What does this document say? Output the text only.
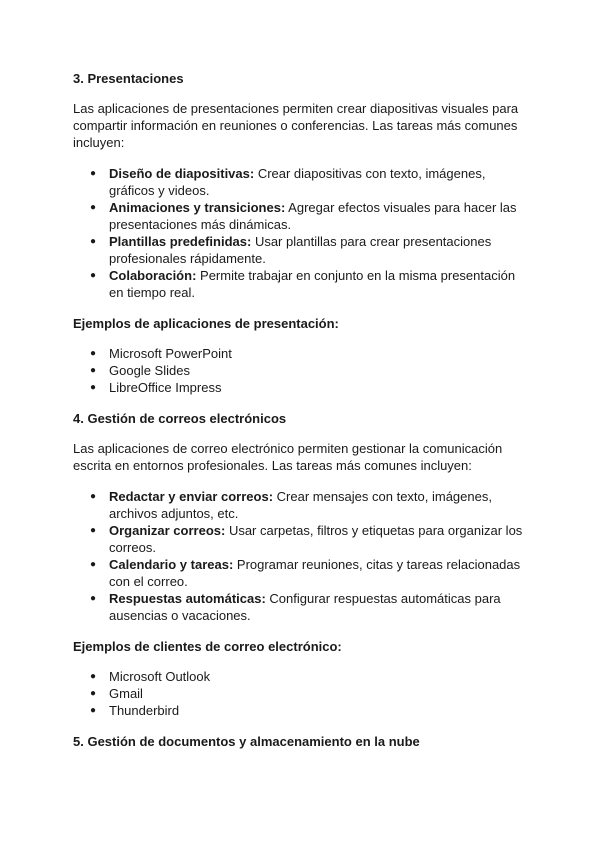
3. Presentaciones

Las aplicaciones de presentaciones permiten crear diapositivas visuales para compartir información en reuniones o conferencias. Las tareas más comunes incluyen:

● Diseño de diapositivas: Crear diapositivas con texto, imágenes, gráficos y videos.
● Animaciones y transiciones: Agregar efectos visuales para hacer las presentaciones más dinámicas.
● Plantillas predefinidas: Usar plantillas para crear presentaciones profesionales rápidamente.
● Colaboración: Permite trabajar en conjunto en la misma presentación en tiempo real.
Ejemplos de aplicaciones de presentación:
● Microsoft PowerPoint
● Google Slides
● LibreOffice Impress
4. Gestión de correos electrónicos

Las aplicaciones de correo electrónico permiten gestionar la comunicación escrita en entornos profesionales. Las tareas más comunes incluyen:

● Redactar y enviar correos: Crear mensajes con texto, imágenes, archivos adjuntos, etc.
● Organizar correos: Usar carpetas, filtros y etiquetas para organizar los correos.
● Calendario y tareas: Programar reuniones, citas y tareas relacionadas con el correo.
● Respuestas automáticas: Configurar respuestas automáticas para ausencias o vacaciones.
Ejemplos de clientes de correo electrónico:
● Microsoft Outlook
● Gmail
● Thunderbird
5. Gestión de documentos y almacenamiento en la nube
